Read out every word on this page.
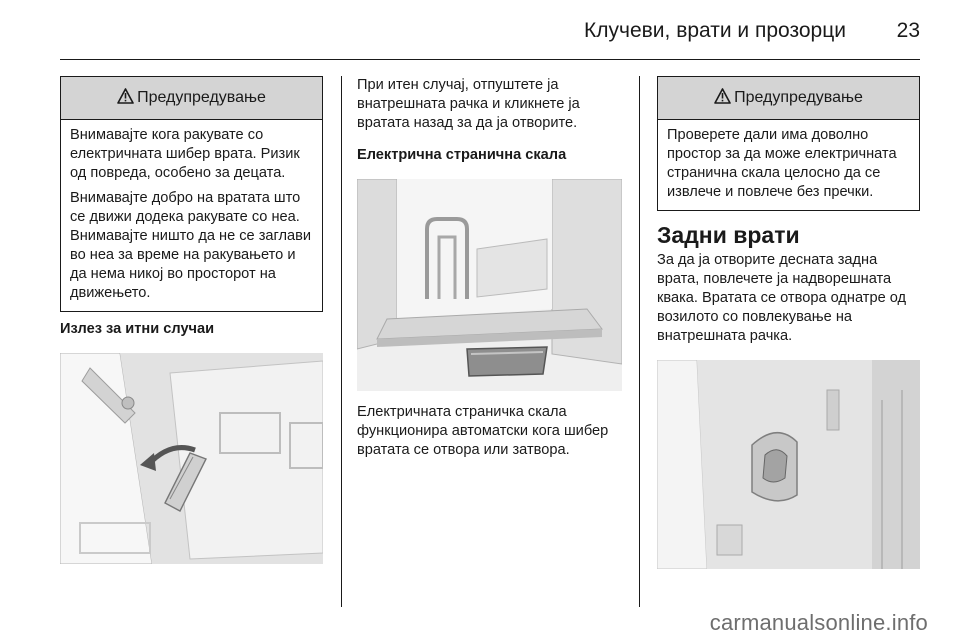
Клучеви, врати и прозорци 23
Предупредување

Внимавајте кога ракувате со електричната шибер врата. Ризик од повреда, особено за децата.

Внимавајте добро на вратата што се движи додека ракувате со неа. Внимавајте ништо да не се заглави во неа за време на ракувањето и да нема никој во просторот на движењето.

Излез за итни случаи

При итен случај, отпуштете ја внатрешната рачка и кликнете ја вратата назад за да ја отворите.

Електрична странична скала

Електричната страничка скала функционира автоматски кога шибер вратата се отвора или затвора.

Предупредување

Проверете дали има доволно простор за да може електричната странична скала целосно да се извлече и повлече без пречки.

Задни врати

За да ја отворите десната задна врата, повлечете ја надворешната квака. Вратата се отвора однатре од возилото со повлекување на внатрешната рачка.

carmanualsonline.info
